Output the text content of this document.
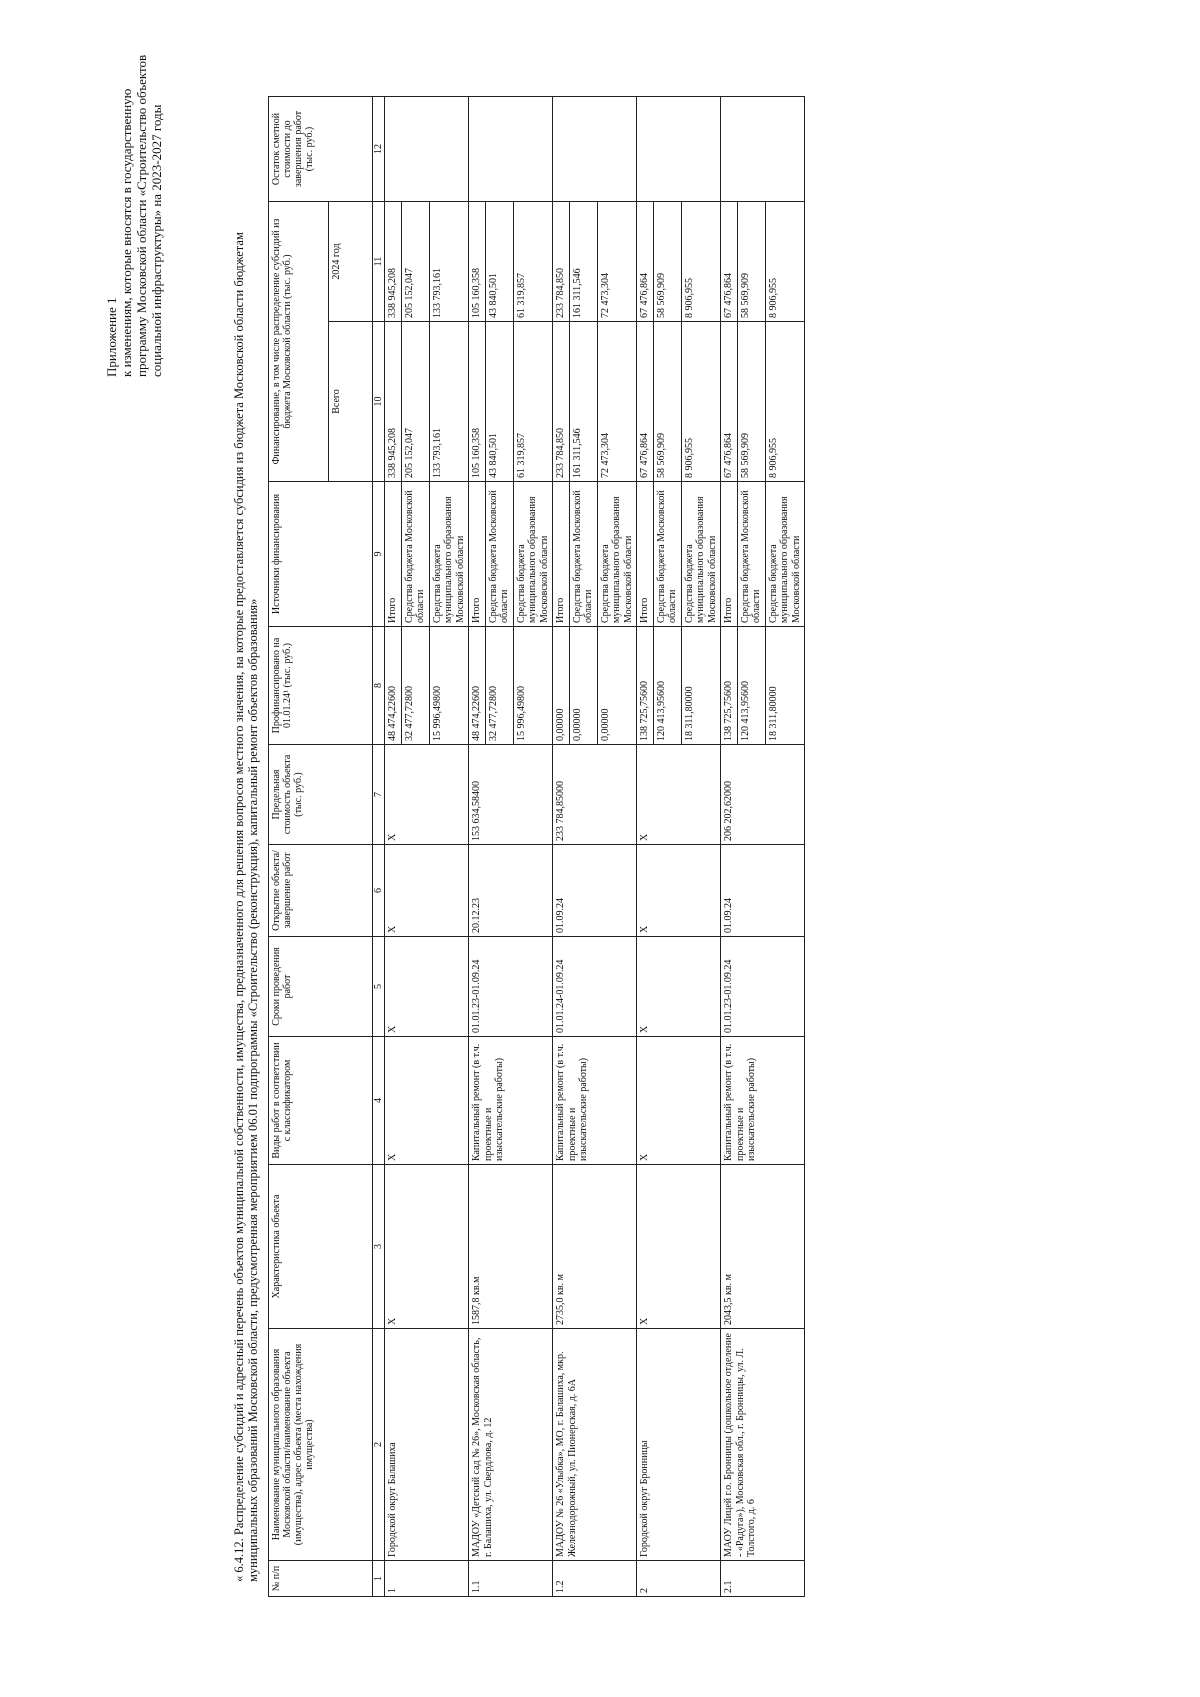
Приложение 1 к изменениям, которые вносятся в государственную программу Московской области «Строительство объектов социальной инфраструктуры» на 2023-2027 годы	« 6.4.12. Распределение субсидий и адресный перечень объектов муниципальной собственности, имущества, предназначенного для решения вопросов местного значения, на которые предоставляется субсидия из бюджета Московской области бюджетам муниципальных образований Московской области, предусмотренная мероприятием 06.01 подпрограммы «Строительство (реконструкция), капитальный ремонт объектов образования» № п/п	Наименование муниципального образования Московской области/наименование объекта (имущества), адрес объекта (места нахождения имущества)	Характеристика объекта	Виды работ в соответствии с классификатором	Сроки проведения работ	Открытие объекта/ завершение работ	Предельная стоимость объекта (тыс. руб.)	Профинансировано на 01.01.24¹ (тыс. руб.)	Источники финансирования	Финансирование, в том числе распределение субсидий из бюджета Московской области (тыс. руб.)		Остаток сметной стоимости до завершения работ (тыс. руб.)
									Всего	2024 год	
1	2	3	4	5	6	7	8	9	10	11	12
1	Городской округ Балашиха	X	X	X	X	X	48 474,22600	Итого	338 945,208	338 945,208	
							32 477,72800	Средства бюджета Московской области	205 152,047	205 152,047	
							15 996,49800	Средства бюджета муниципального образования Московской области	133 793,161	133 793,161	
1.1	МАДОУ «Детский сад № 26», Московская область, г. Балашиха, ул. Свердлова, д. 12	1587,8 кв.м	Капитальный ремонт (в т.ч. проектные и изыскательские работы)	01.01.23-01.09.24	20.12.23	153 634,58400	48 474,22600	Итого	105 160,358	105 160,358	
							32 477,72800	Средства бюджета Московской области	43 840,501	43 840,501	
							15 996,49800	Средства бюджета муниципального образования Московской области	61 319,857	61 319,857	
1.2	МАДОУ № 26 «Улыбка», МО, г. Балашиха, мкр. Железнодорожный, ул. Пионерская, д. 6А	2735,0 кв. м	Капитальный ремонт (в т.ч. проектные и изыскательские работы)	01.01.24-01.09.24	01.09.24	233 784,85000	0,00000	Итого	233 784,850	233 784,850	
							0,00000	Средства бюджета Московской области	161 311,546	161 311,546	
							0,00000	Средства бюджета муниципального образования Московской области	72 473,304	72 473,304	
2	Городской округ Бронницы	X	X	X	X	X	138 725,75600	Итого	67 476,864	67 476,864	
							120 413,95600	Средства бюджета Московской области	58 569,909	58 569,909	
							18 311,80000	Средства бюджета муниципального образования Московской области	8 906,955	8 906,955	
2.1	МАОУ Лицей г.о. Бронницы (дошкольное отделение - «Радуга»), Московская обл., г. Бронницы, ул. Л. Толстого, д. 6	2043,5 кв. м	Капитальный ремонт (в т.ч. проектные и изыскательские работы)	01.01.23-01.09.24	01.09.24	206 202,62000	138 725,75600	Итого	67 476,864	67 476,864	
							120 413,95600	Средства бюджета Московской области	58 569,909	58 569,909	
							18 311,80000	Средства бюджета муниципального образования Московской области	8 906,955	8 906,955	
